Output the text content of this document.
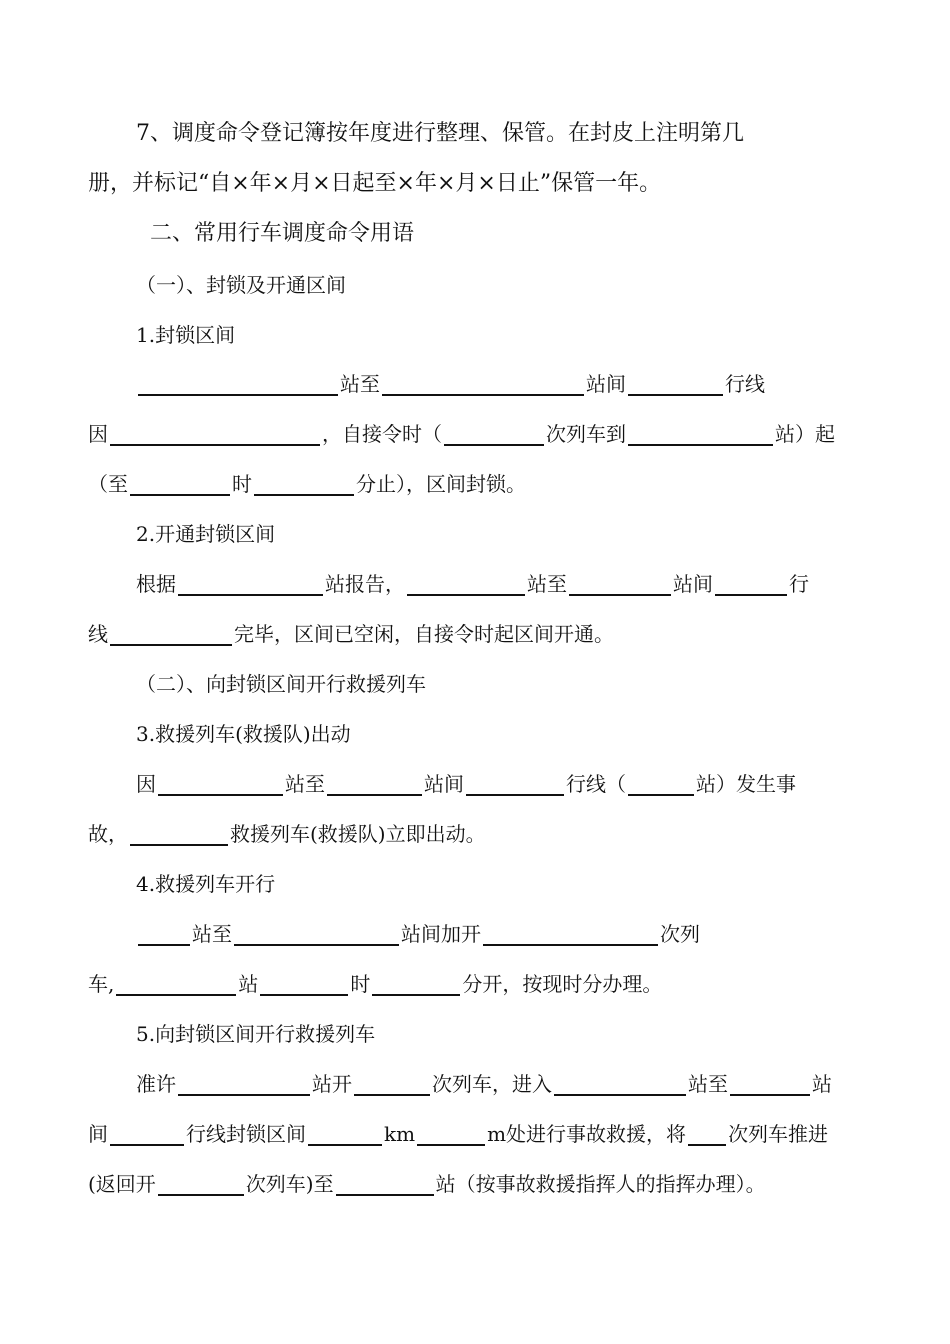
7、调度命令登记簿按年度进行整理、保管。在封皮上注明第几
册，并标记“自×年×月×日起至×年×月×日止”保管一年。
二、常用行车调度命令用语
（一）、封锁及开通区间
1.封锁区间
站 至	站 间	行 线
因	，自接令时（	次列车到	站）起
（至	时	分止），区间封锁。
2.开通封锁区间
根据	站报告，	站至	站间	行
线	完毕，区间已空闲，自接令时起区间开通。
（二）、向封锁区间开行救援列车
3.救援列车(救援队)出动
因	站至	站间	行 线 （	站 ） 发 生 事
故，	救援列车(救援队)立即出动。
4.救援列车开行
站 至	站 间 加 开	次 列
车,	站	时	分开，按现时分办理。
5.向封锁区间开行救援列车
准许	站开	次列车，进入	站至	站
间	行线封锁区间	km	m处进行事故救援，将 次列车推进
(返回开	次列车)至	站（按事故救援指挥人的指挥办理）。
